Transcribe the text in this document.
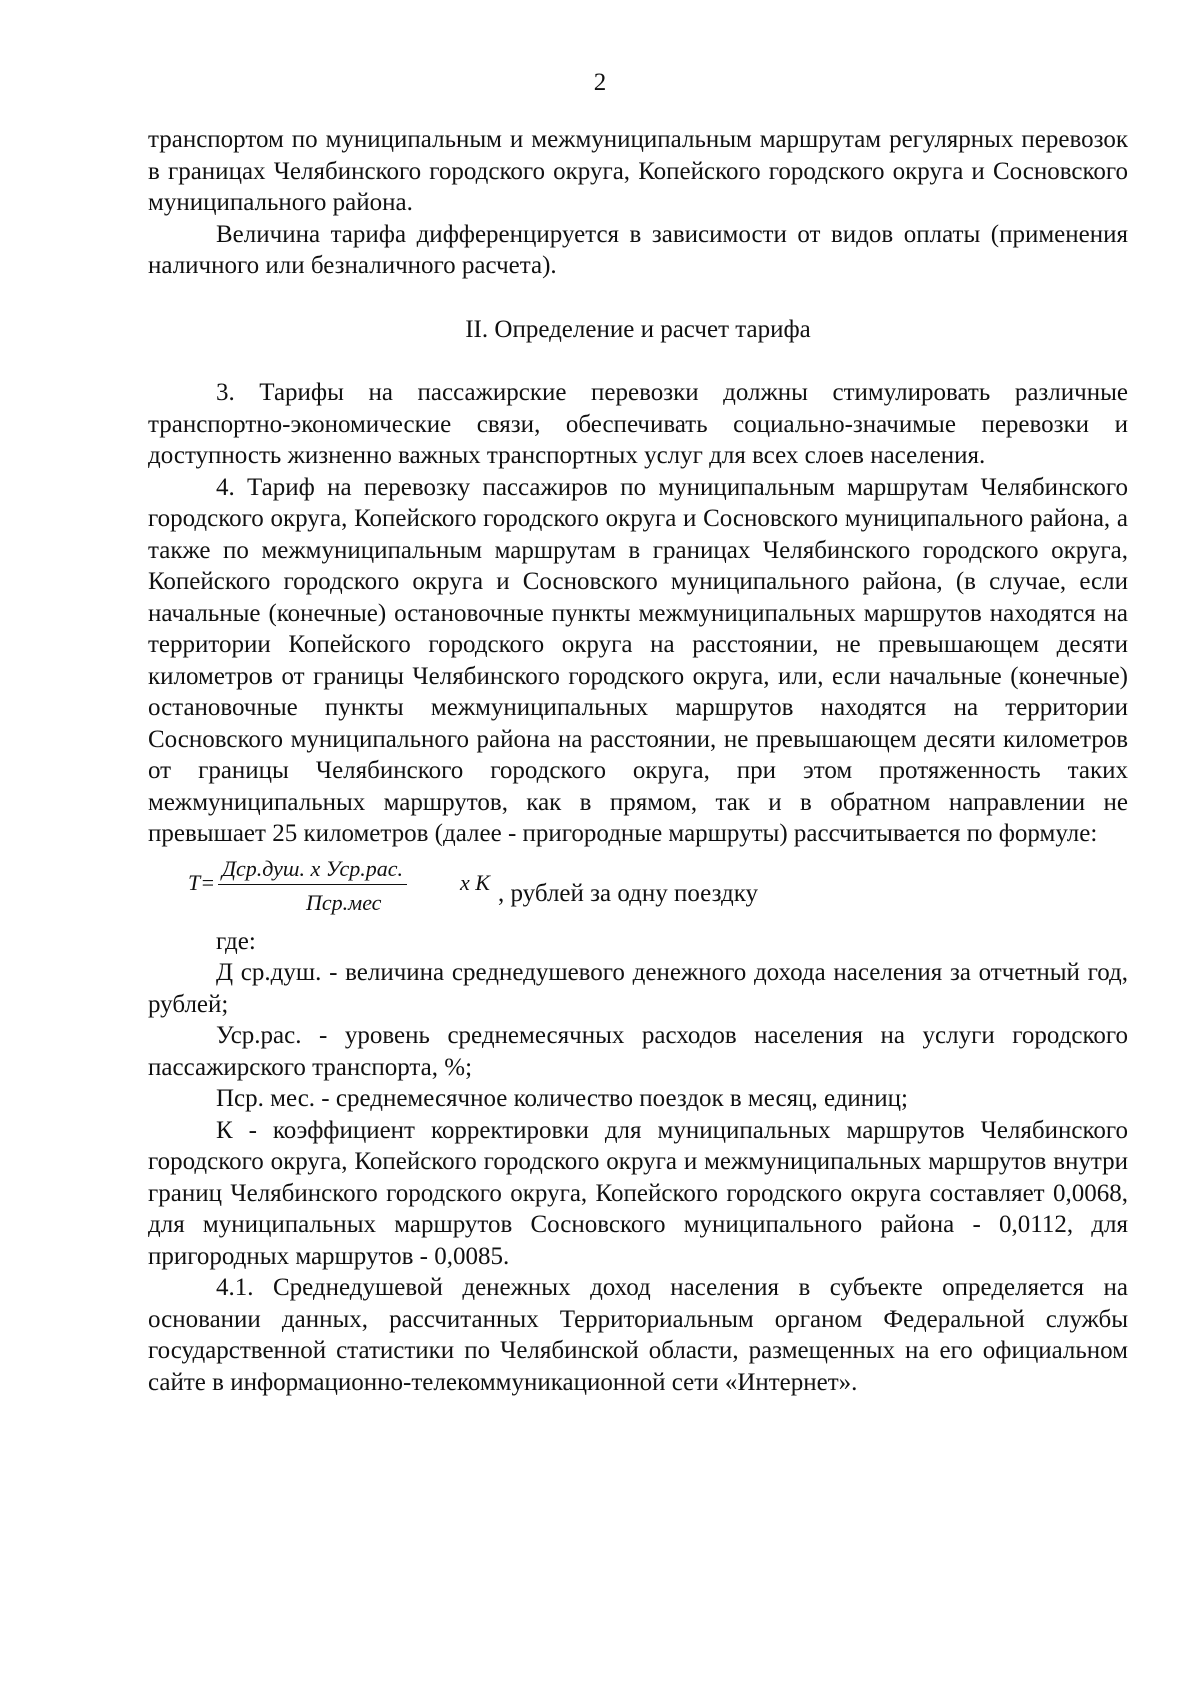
2

транспортом по муниципальным и межмуниципальным маршрутам регулярных перевозок в границах Челябинского городского округа, Копейского городского округа и Сосновского муниципального района.

Величина тарифа дифференцируется в зависимости от видов оплаты (применения наличного или безналичного расчета).

II. Определение и расчет тарифа

3. Тарифы на пассажирские перевозки должны стимулировать различные транспортно-экономические связи, обеспечивать социально-значимые перевозки и доступность жизненно важных транспортных услуг для всех слоев населения.

4. Тариф на перевозку пассажиров по муниципальным маршрутам Челябинского городского округа, Копейского городского округа и Сосновского муниципального района, а также по межмуниципальным маршрутам в границах Челябинского городского округа, Копейского городского округа и Сосновского муниципального района, (в случае, если начальные (конечные) остановочные пункты межмуниципальных маршрутов находятся на территории Копейского городского округа на расстоянии, не превышающем десяти километров от границы Челябинского городского округа, или, если начальные (конечные) остановочные пункты межмуниципальных маршрутов находятся на территории Сосновского муниципального района на расстоянии, не превышающем десяти километров от границы Челябинского городского округа, при этом протяженность таких межмуниципальных маршрутов, как в прямом, так и в обратном направлении не превышает 25 километров (далее - пригородные маршруты) рассчитывается по формуле:

T=
Дср.душ. x Уср.рас.
Пср.мес
x K , рублей за одну поездку

где:

Д ср.душ. - величина среднедушевого денежного дохода населения за отчетный год, рублей;

Уср.рас. - уровень среднемесячных расходов населения на услуги городского пассажирского транспорта, %;

Пср. мес. - среднемесячное количество поездок в месяц, единиц;

К - коэффициент корректировки для муниципальных маршрутов Челябинского городского округа, Копейского городского округа и межмуниципальных маршрутов внутри границ Челябинского городского округа, Копейского городского округа составляет 0,0068, для муниципальных маршрутов Сосновского муниципального района - 0,0112, для пригородных маршрутов - 0,0085.

4.1. Среднедушевой денежных доход населения в субъекте определяется на основании данных, рассчитанных Территориальным органом Федеральной службы государственной статистики по Челябинской области, размещенных на его официальном сайте в информационно-телекоммуникационной сети «Интернет».
